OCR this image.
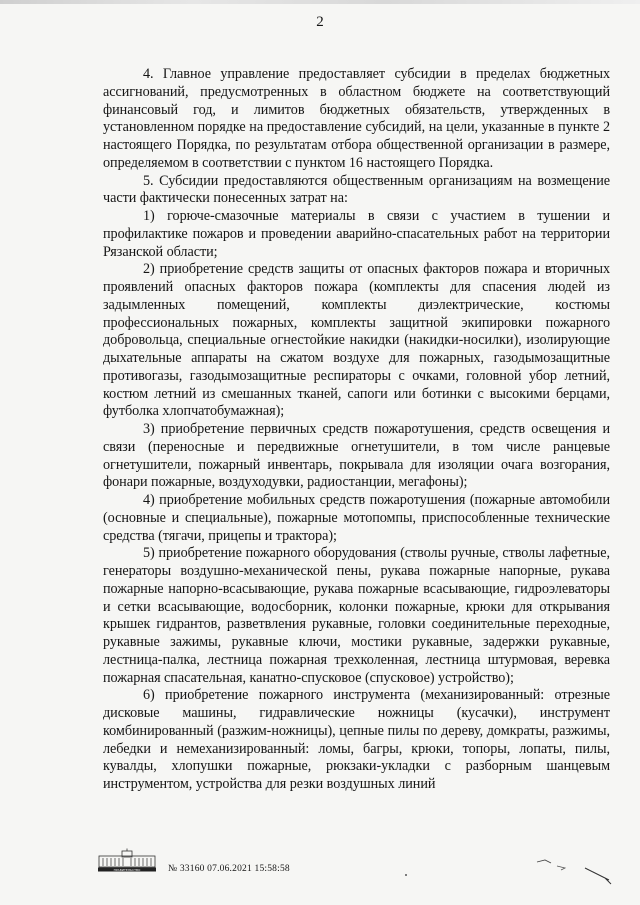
2

4. Главное управление предоставляет субсидии в пределах бюджетных ассигнований, предусмотренных в областном бюджете на соответствующий финансовый год, и лимитов бюджетных обязательств, утвержденных в установленном порядке на предоставление субсидий, на цели, указанные в пункте 2 настоящего Порядка, по результатам отбора общественной организации в размере, определяемом в соответствии с пунктом 16 настоящего Порядка.

5. Субсидии предоставляются общественным организациям на возмещение части фактически понесенных затрат на:

1) горюче-смазочные материалы в связи с участием в тушении и профилактике пожаров и проведении аварийно-спасательных работ на территории Рязанской области;

2) приобретение средств защиты от опасных факторов пожара и вторичных проявлений опасных факторов пожара (комплекты для спасения людей из задымленных помещений, комплекты диэлектрические, костюмы профессиональных пожарных, комплекты защитной экипировки пожарного добровольца, специальные огнестойкие накидки (накидки-носилки), изолирующие дыхательные аппараты на сжатом воздухе для пожарных, газодымозащитные противогазы, газодымозащитные респираторы с очками, головной убор летний, костюм летний из смешанных тканей, сапоги или ботинки с высокими берцами, футболка хлопчатобумажная);

3) приобретение первичных средств пожаротушения, средств освещения и связи (переносные и передвижные огнетушители, в том числе ранцевые огнетушители, пожарный инвентарь, покрывала для изоляции очага возгорания, фонари пожарные, воздуходувки, радиостанции, мегафоны);

4) приобретение мобильных средств пожаротушения (пожарные автомобили (основные и специальные), пожарные мотопомпы, приспособленные технические средства (тягачи, прицепы и трактора);

5) приобретение пожарного оборудования (стволы ручные, стволы лафетные, генераторы воздушно-механической пены, рукава пожарные напорные, рукава пожарные напорно-всасывающие, рукава пожарные всасывающие, гидроэлеваторы и сетки всасывающие, водосборник, колонки пожарные, крюки для открывания крышек гидрантов, разветвления рукавные, головки соединительные переходные, рукавные зажимы, рукавные ключи, мостики рукавные, задержки рукавные, лестница-палка, лестница пожарная трехколенная, лестница штурмовая, веревка пожарная спасательная, канатно-спусковое (спусковое) устройство);

6) приобретение пожарного инструмента (механизированный: отрезные дисковые машины, гидравлические ножницы (кусачки), инструмент комбинированный (разжим-ножницы), цепные пилы по дереву, домкраты, разжимы, лебедки и немеханизированный: ломы, багры, крюки, топоры, лопаты, пилы, кувалды, хлопушки пожарные, рюкзаки-укладки с разборным шанцевым инструментом, устройства для резки воздушных линий

ПРАВИТЕЛЬСТВО	№ 33160 07.06.2021 15:58:58
